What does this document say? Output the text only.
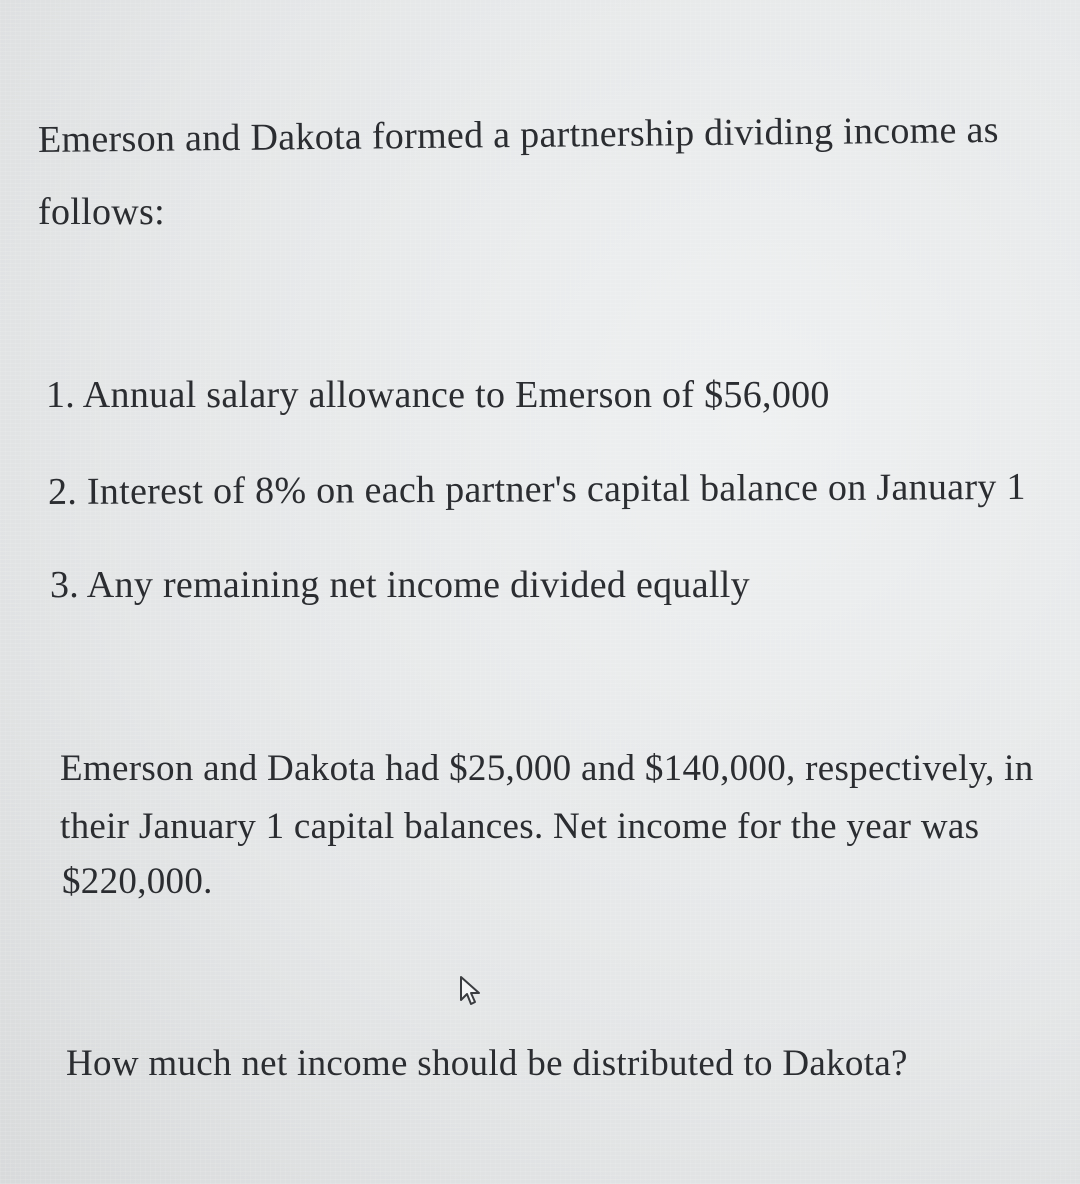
Emerson and Dakota formed a partnership dividing income as
follows:
1. Annual salary allowance to Emerson of $56,000
2. Interest of 8% on each partner's capital balance on January 1
3. Any remaining net income divided equally
Emerson and Dakota had $25,000 and $140,000, respectively, in
their January 1 capital balances. Net income for the year was
$220,000.
How much net income should be distributed to Dakota?
